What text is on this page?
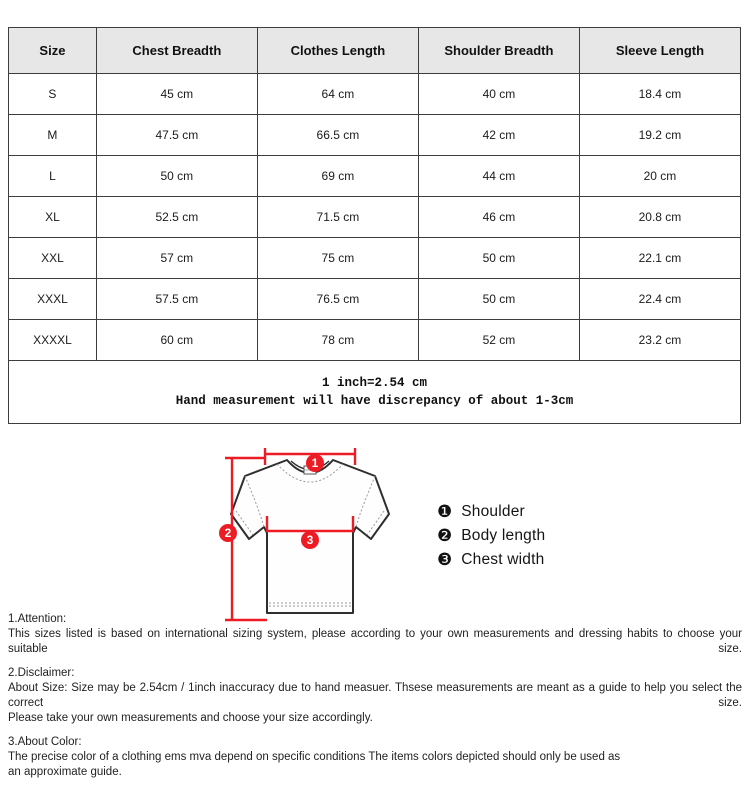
Size	Chest Breadth	Clothes Length	Shoulder Breadth	Sleeve Length
S	45 cm	64 cm	40 cm	18.4 cm
M	47.5 cm	66.5 cm	42 cm	19.2 cm
L	50 cm	69 cm	44 cm	20 cm
XL	52.5 cm	71.5 cm	46 cm	20.8 cm
XXL	57 cm	75 cm	50 cm	22.1 cm
XXXL	57.5 cm	76.5 cm	50 cm	22.4 cm
XXXXL	60 cm	78 cm	52 cm	23.2 cm

1 inch=2.54 cm
Hand measurement will have discrepancy of about 1-3cm				
1
2	3
❶ Shoulder
❷ Body length
❸ Chest width

1.Attention:

This sizes listed is based on international sizing system, please according to your own measurements and dressing habits to choose your suitable size.

2.Disclaimer:

About Size: Size may be 2.54cm / 1inch inaccuracy due to hand measuer. Thsese measurements are meant as a guide to help you select the correct size.

Please take your own measurements and choose your size accordingly.

3.About Color:

The precise color of a clothing ems mva depend on specific conditions The items colors depicted should only be used as

an approximate guide.
